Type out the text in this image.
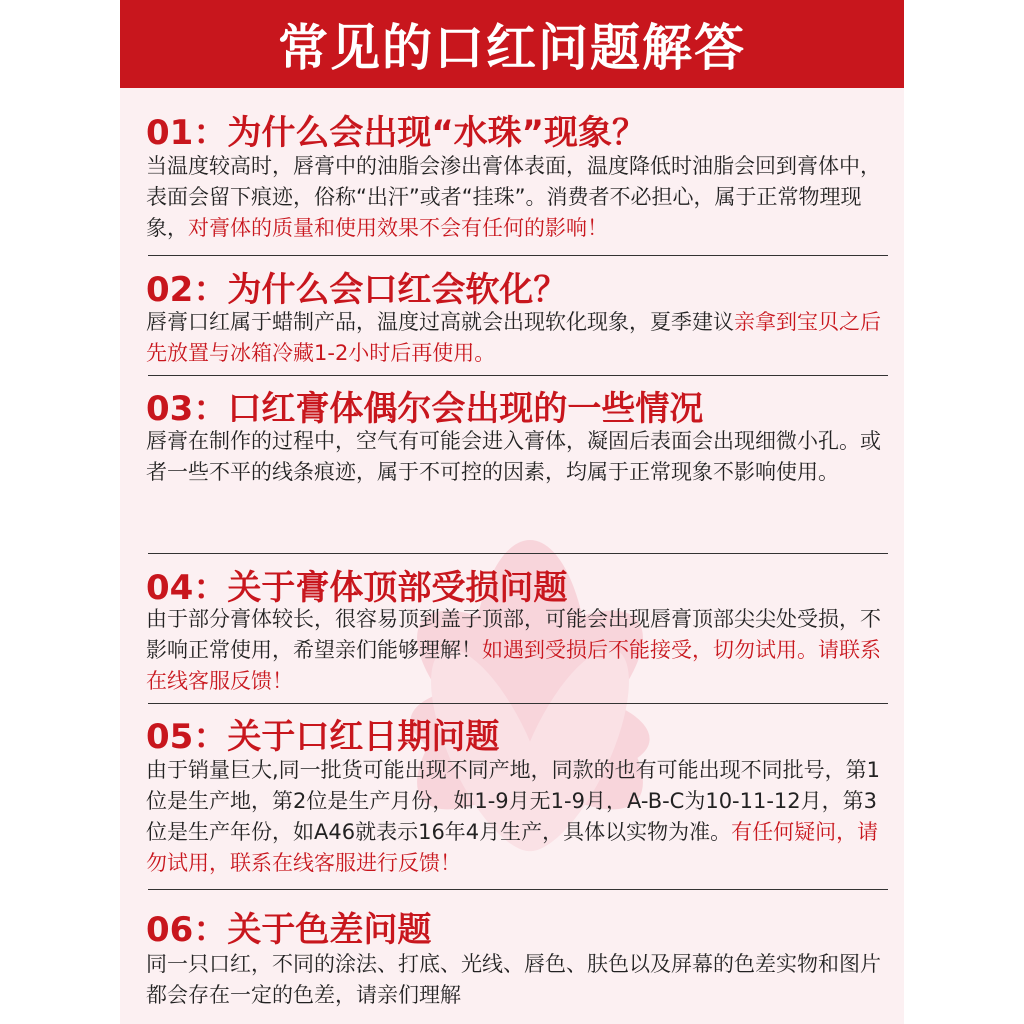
常见的口红问题解答
01：为什么会出现“水珠”现象？
当温度较高时，唇膏中的油脂会渗出膏体表面，温度降低时油脂会回到膏体中，表面会留下痕迹，俗称“出汗”或者“挂珠”。消费者不必担心，属于正常物理现象，对膏体的质量和使用效果不会有任何的影响！
02：为什么会口红会软化？
唇膏口红属于蜡制产品，温度过高就会出现软化现象，夏季建议亲拿到宝贝之后先放置与冰箱冷藏1-2小时后再使用。
03：口红膏体偶尔会出现的一些情况
唇膏在制作的过程中，空气有可能会进入膏体，凝固后表面会出现细微小孔。或者一些不平的线条痕迹，属于不可控的因素，均属于正常现象不影响使用。
04：关于膏体顶部受损问题
由于部分膏体较长，很容易顶到盖子顶部，可能会出现唇膏顶部尖尖处受损，不影响正常使用，希望亲们能够理解！如遇到受损后不能接受，切勿试用。请联系在线客服反馈！
05：关于口红日期问题
由于销量巨大,同一批货可能出现不同产地，同款的也有可能出现不同批号，第1位是生产地，第2位是生产月份，如1-9月无1-9月，A-B-C为10-11-12月，第3位是生产年份，如A46就表示16年4月生产，具体以实物为准。有任何疑问，请勿试用，联系在线客服进行反馈！
06：关于色差问题
同一只口红，不同的涂法、打底、光线、唇色、肤色以及屏幕的色差实物和图片都会存在一定的色差，请亲们理解
